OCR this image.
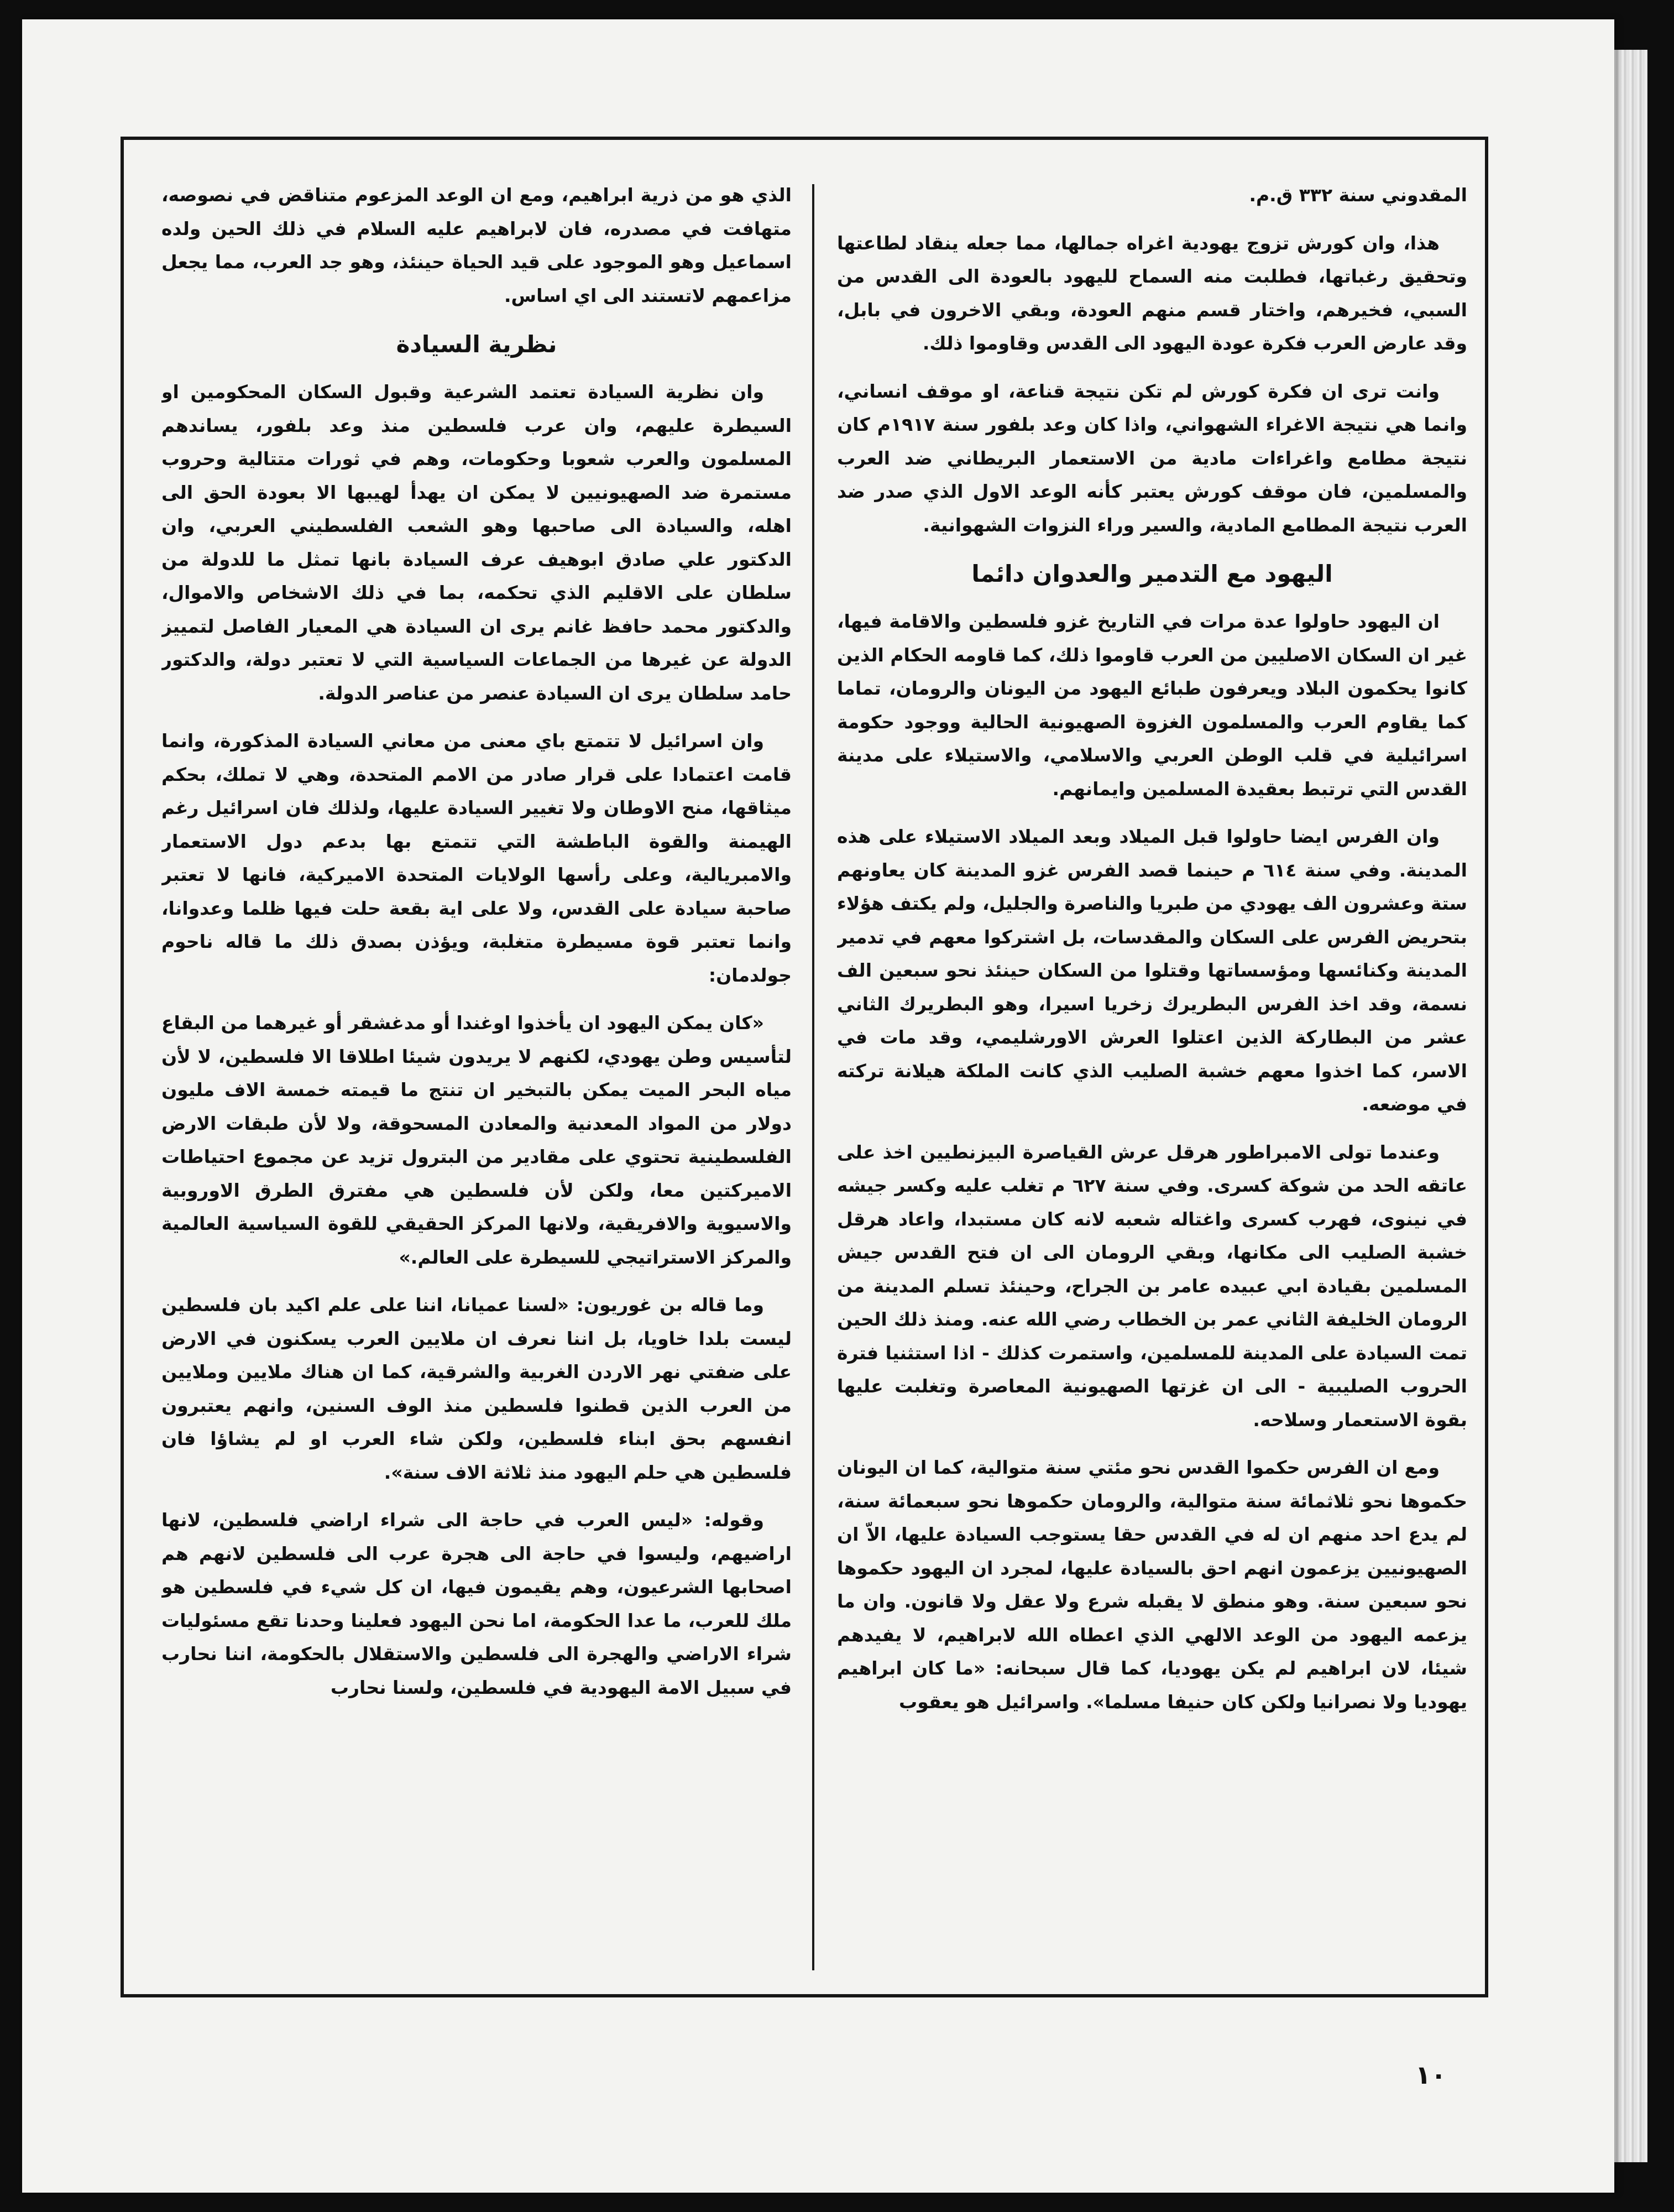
المقدوني سنة ٣٣٢ ق.م.

هذا، وان كورش تزوج يهودية اغراه جمالها، مما جعله ينقاد لطاعتها وتحقيق رغباتها، فطلبت منه السماح لليهود بالعودة الى القدس من السبي، فخيرهم، واختار قسم منهم العودة، وبقي الاخرون في بابل، وقد عارض العرب فكرة عودة اليهود الى القدس وقاوموا ذلك.

وانت ترى ان فكرة كورش لم تكن نتيجة قناعة، او موقف انساني، وانما هي نتيجة الاغراء الشهواني، واذا كان وعد بلفور سنة ١٩١٧م كان نتيجة مطامع واغراءات مادية من الاستعمار البريطاني ضد العرب والمسلمين، فان موقف كورش يعتبر كأنه الوعد الاول الذي صدر ضد العرب نتيجة المطامع المادية، والسير وراء النزوات الشهوانية.

اليهود مع التدمير والعدوان دائما

ان اليهود حاولوا عدة مرات في التاريخ غزو فلسطين والاقامة فيها، غير ان السكان الاصليين من العرب قاوموا ذلك، كما قاومه الحكام الذين كانوا يحكمون البلاد ويعرفون طبائع اليهود من اليونان والرومان، تماما كما يقاوم العرب والمسلمون الغزوة الصهيونية الحالية ووجود حكومة اسرائيلية في قلب الوطن العربي والاسلامي، والاستيلاء على مدينة القدس التي ترتبط بعقيدة المسلمين وايمانهم.

وان الفرس ايضا حاولوا قبل الميلاد وبعد الميلاد الاستيلاء على هذه المدينة. وفي سنة ٦١٤ م حينما قصد الفرس غزو المدينة كان يعاونهم ستة وعشرون الف يهودي من طبريا والناصرة والجليل، ولم يكتف هؤلاء بتحريض الفرس على السكان والمقدسات، بل اشتركوا معهم في تدمير المدينة وكنائسها ومؤسساتها وقتلوا من السكان حينئذ نحو سبعين الف نسمة، وقد اخذ الفرس البطريرك زخريا اسيرا، وهو البطريرك الثاني عشر من البطاركة الذين اعتلوا العرش الاورشليمي، وقد مات في الاسر، كما اخذوا معهم خشبة الصليب الذي كانت الملكة هيلانة تركته في موضعه.

وعندما تولى الامبراطور هرقل عرش القياصرة البيزنطيين اخذ على عاتقه الحد من شوكة كسرى. وفي سنة ٦٢٧ م تغلب عليه وكسر جيشه في نينوى، فهرب كسرى واغتاله شعبه لانه كان مستبدا، واعاد هرقل خشبة الصليب الى مكانها، وبقي الرومان الى ان فتح القدس جيش المسلمين بقيادة ابي عبيده عامر بن الجراح، وحينئذ تسلم المدينة من الرومان الخليفة الثاني عمر بن الخطاب رضي الله عنه. ومنذ ذلك الحين تمت السيادة على المدينة للمسلمين، واستمرت كذلك - اذا استثنيا فترة الحروب الصليبية - الى ان غزتها الصهيونية المعاصرة وتغلبت عليها بقوة الاستعمار وسلاحه.

ومع ان الفرس حكموا القدس نحو مئتي سنة متوالية، كما ان اليونان حكموها نحو ثلاثمائة سنة متوالية، والرومان حكموها نحو سبعمائة سنة، لم يدع احد منهم ان له في القدس حقا يستوجب السيادة عليها، الاّ ان الصهيونيين يزعمون انهم احق بالسيادة عليها، لمجرد ان اليهود حكموها نحو سبعين سنة. وهو منطق لا يقبله شرع ولا عقل ولا قانون. وان ما يزعمه اليهود من الوعد الالهي الذي اعطاه الله لابراهيم، لا يفيدهم شيئا، لان ابراهيم لم يكن يهوديا، كما قال سبحانه: «ما كان ابراهيم يهوديا ولا نصرانيا ولكن كان حنيفا مسلما». واسرائيل هو يعقوب

الذي هو من ذرية ابراهيم، ومع ان الوعد المزعوم متناقض في نصوصه، متهافت في مصدره، فان لابراهيم عليه السلام في ذلك الحين ولده اسماعيل وهو الموجود على قيد الحياة حينئذ، وهو جد العرب، مما يجعل مزاعمهم لاتستند الى اي اساس.

نظرية السيادة

وان نظرية السيادة تعتمد الشرعية وقبول السكان المحكومين او السيطرة عليهم، وان عرب فلسطين منذ وعد بلفور، يساندهم المسلمون والعرب شعوبا وحكومات، وهم في ثورات متتالية وحروب مستمرة ضد الصهيونيين لا يمكن ان يهدأ لهيبها الا بعودة الحق الى اهله، والسيادة الى صاحبها وهو الشعب الفلسطيني العربي، وان الدكتور علي صادق ابوهيف عرف السيادة بانها تمثل ما للدولة من سلطان على الاقليم الذي تحكمه، بما في ذلك الاشخاص والاموال، والدكتور محمد حافظ غانم يرى ان السيادة هي المعيار الفاصل لتمييز الدولة عن غيرها من الجماعات السياسية التي لا تعتبر دولة، والدكتور حامد سلطان يرى ان السيادة عنصر من عناصر الدولة.

وان اسرائيل لا تتمتع باي معنى من معاني السيادة المذكورة، وانما قامت اعتمادا على قرار صادر من الامم المتحدة، وهي لا تملك، بحكم ميثاقها، منح الاوطان ولا تغيير السيادة عليها، ولذلك فان اسرائيل رغم الهيمنة والقوة الباطشة التي تتمتع بها بدعم دول الاستعمار والامبريالية، وعلى رأسها الولايات المتحدة الاميركية، فانها لا تعتبر صاحبة سيادة على القدس، ولا على اية بقعة حلت فيها ظلما وعدوانا، وانما تعتبر قوة مسيطرة متغلبة، ويؤذن بصدق ذلك ما قاله ناحوم جولدمان:

«كان يمكن اليهود ان يأخذوا اوغندا أو مدغشقر أو غيرهما من البقاع لتأسيس وطن يهودي، لكنهم لا يريدون شيئا اطلاقا الا فلسطين، لا لأن مياه البحر الميت يمكن بالتبخير ان تنتج ما قيمته خمسة الاف مليون دولار من المواد المعدنية والمعادن المسحوقة، ولا لأن طبقات الارض الفلسطينية تحتوي على مقادير من البترول تزيد عن مجموع احتياطات الاميركتين معا، ولكن لأن فلسطين هي مفترق الطرق الاوروبية والاسيوية والافريقية، ولانها المركز الحقيقي للقوة السياسية العالمية والمركز الاستراتيجي للسيطرة على العالم.»

وما قاله بن غوريون: «لسنا عميانا، اننا على علم اكيد بان فلسطين ليست بلدا خاويا، بل اننا نعرف ان ملايين العرب يسكنون في الارض على ضفتي نهر الاردن الغربية والشرقية، كما ان هناك ملايين وملايين من العرب الذين قطنوا فلسطين منذ الوف السنين، وانهم يعتبرون انفسهم بحق ابناء فلسطين، ولكن شاء العرب او لم يشاؤا فان فلسطين هي حلم اليهود منذ ثلاثة الاف سنة».

وقوله: «ليس العرب في حاجة الى شراء اراضي فلسطين، لانها اراضيهم، وليسوا في حاجة الى هجرة عرب الى فلسطين لانهم هم اصحابها الشرعيون، وهم يقيمون فيها، ان كل شيء في فلسطين هو ملك للعرب، ما عدا الحكومة، اما نحن اليهود فعلينا وحدنا تقع مسئوليات شراء الاراضي والهجرة الى فلسطين والاستقلال بالحكومة، اننا نحارب في سبيل الامة اليهودية في فلسطين، ولسنا نحارب

١٠
